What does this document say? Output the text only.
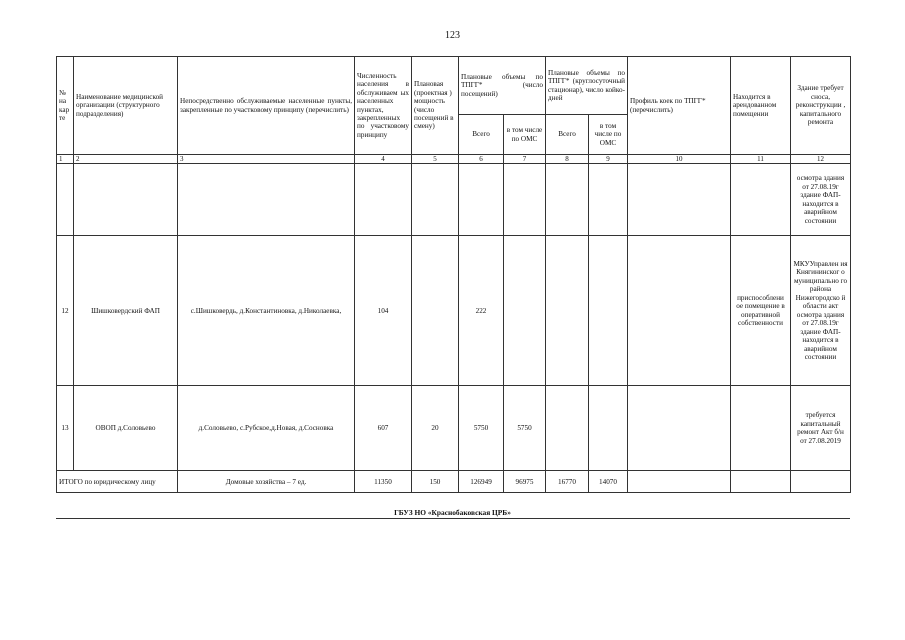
123
№ на кар те	Наименование медицинской организации (структурного подразделения)	Непосредственно обслуживаемые населенные пункты, закрепленные по участковому принципу (перечислить)	Численность населения в обслуживаем ых населенных пунктах, закрепленных по участковому принципу	Плановая (проектная ) мощность (число посещений в смену)	Плановые объемы по ТПГГ* (число посещений)		Плановые объемы по ТПГГ* (круглосуточный стационар), число койко-дней		Профиль коек по ТПГГ* (перечислить)	Находится в арендованном помещении	Здание требует сноса, реконструкции , капитального ремонта
					Всего	в том числе по ОМС	Всего	в том числе по ОМС			
1	2	3	4	5	6	7	8	9	10	11	12
											осмотра здания от 27.08.19г здание ФАП- находится в аварийном состоянии
12	Шишковердский ФАП	с.Шишковердь, д.Константиновка, д.Николаевка,	104		222					приспособлени ое помещение в оперативной собственности	МКУУправлен ия Княгининског о муниципально го района Нижегородско й области акт осмотра здания от 27.08.19г здание ФАП- находится в аварийном состоянии
13	ОВОП д.Соловьево	д.Соловьево, с.Рубское,д.Новая, д.Сосновка	607	20	5750	5750					требуется капитальный ремонт Акт б/н от 27.08.2019
ИТОГО по юридическому лицу		Домовые хозяйства – 7 ед.	11350	150	126949	96975	16770	14070			
ГБУЗ НО «Краснобаковская ЦРБ»
